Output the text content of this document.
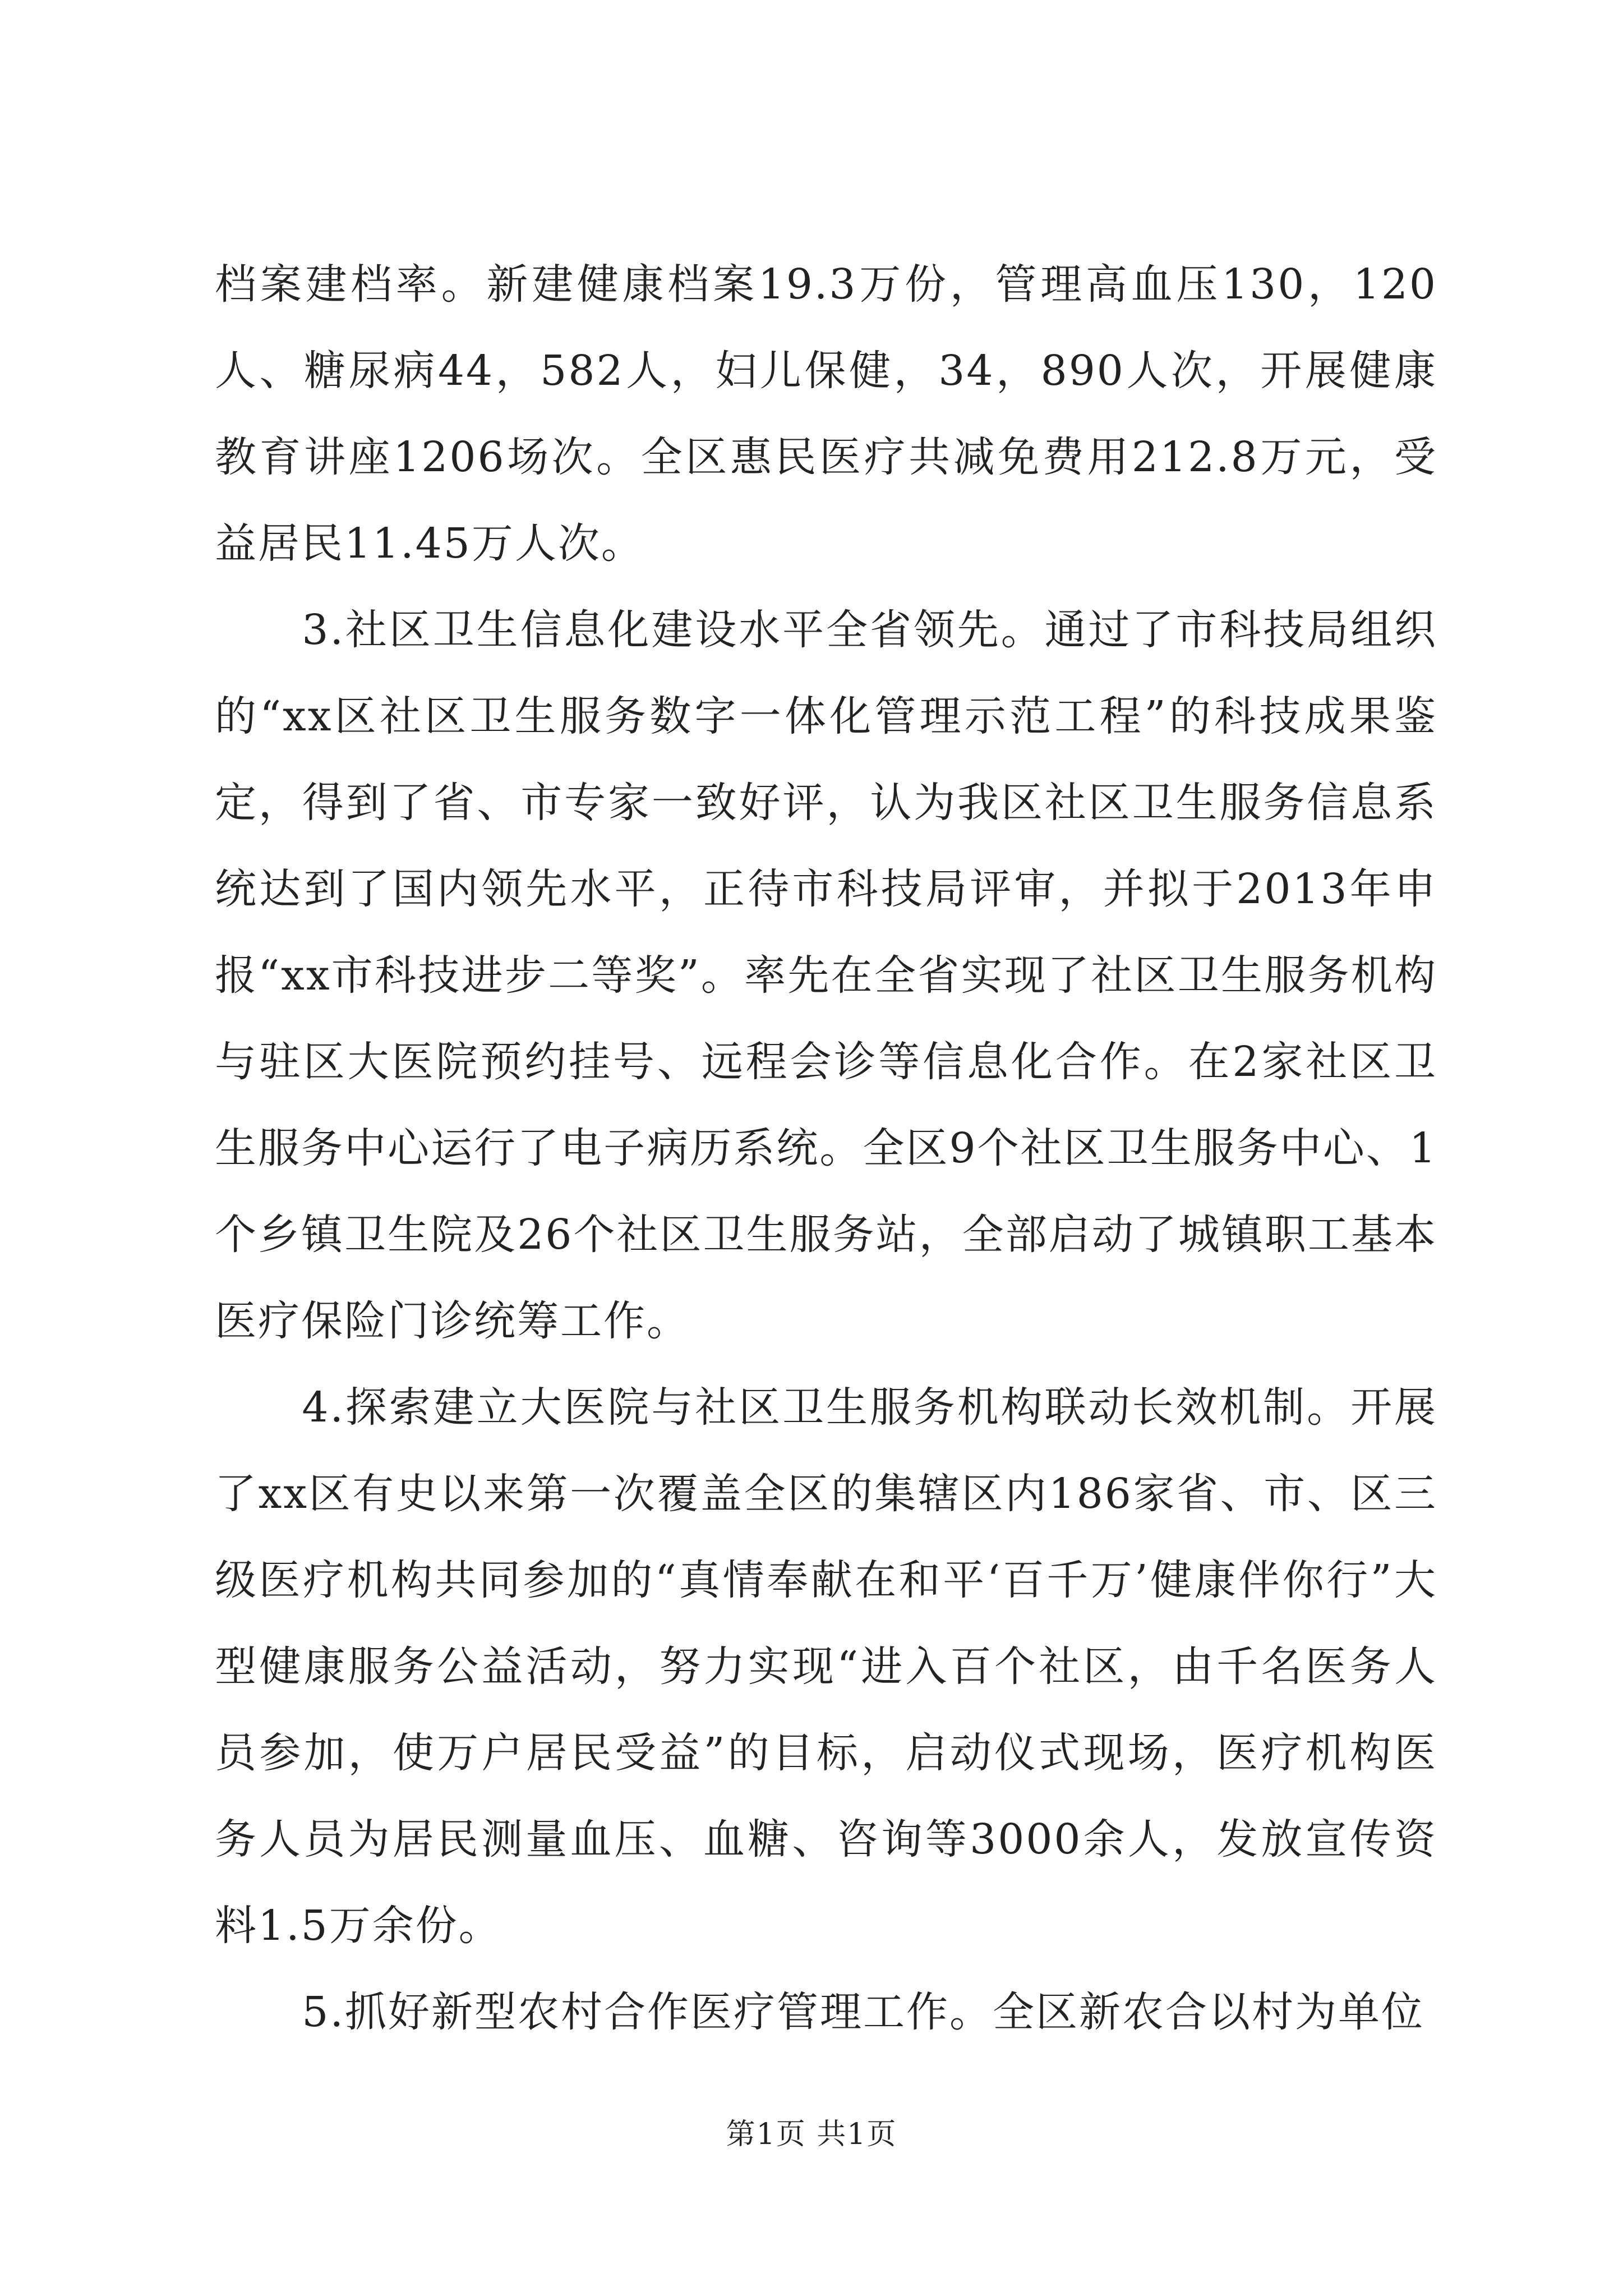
档案建档率。新建健康档案19.3万份，管理高血压130，120人、糖尿病44，582人，妇儿保健，34，890人次，开展健康教育讲座1206场次。全区惠民医疗共减免费用212.8万元，受益居民11.45万人次。

3.社区卫生信息化建设水平全省领先。通过了市科技局组织的“xx区社区卫生服务数字一体化管理示范工程”的科技成果鉴定，得到了省、市专家一致好评，认为我区社区卫生服务信息系统达到了国内领先水平，正待市科技局评审，并拟于2013年申报“xx市科技进步二等奖”。率先在全省实现了社区卫生服务机构与驻区大医院预约挂号、远程会诊等信息化合作。在2家社区卫生服务中心运行了电子病历系统。全区9个社区卫生服务中心、1个乡镇卫生院及26个社区卫生服务站，全部启动了城镇职工基本医疗保险门诊统筹工作。

4.探索建立大医院与社区卫生服务机构联动长效机制。开展了xx区有史以来第一次覆盖全区的集辖区内186家省、市、区三级医疗机构共同参加的“真情奉献在和平‘百千万’健康伴你行”大型健康服务公益活动，努力实现“进入百个社区，由千名医务人员参加，使万户居民受益”的目标，启动仪式现场，医疗机构医务人员为居民测量血压、血糖、咨询等3000余人，发放宣传资料1.5万余份。

5.抓好新型农村合作医疗管理工作。全区新农合以村为单位

第1页 共1页
